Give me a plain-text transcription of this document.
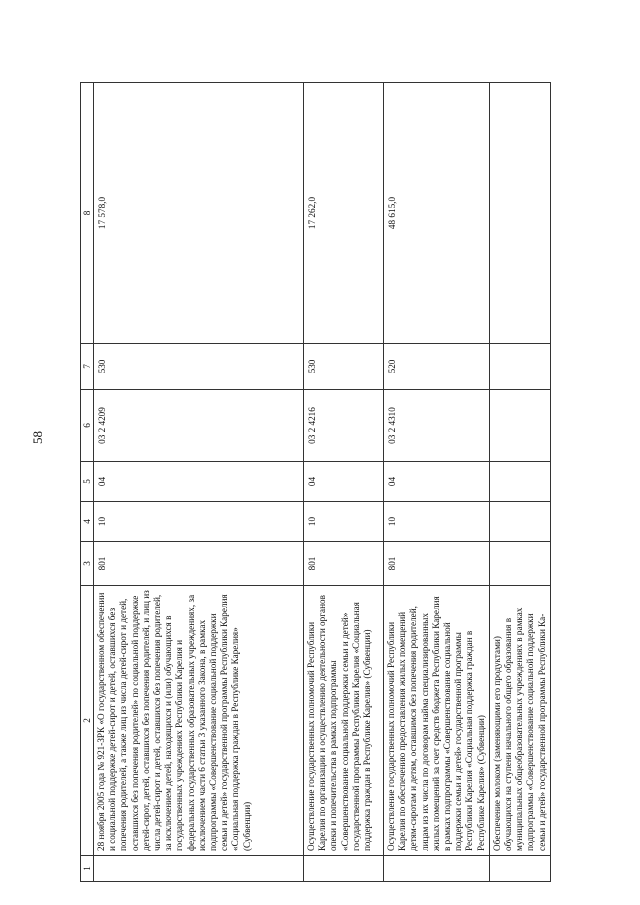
58
1	2	3	4	5	6	7	8
	28 ноября 2005 года № 921-ЗРК «О государственном обеспечении и социальной поддержке детей-сирот и детей, оставшихся без попечения родителей, а также лиц из числа детей-сирот и детей, оставшихся без попечения родителей» по социальной поддержке детей-сирот, детей, оставшихся без попечения родителей, и лиц из числа детей-сирот и детей, оставшихся без попечения родителей, за исключением детей, находящихся и (или) обучающихся в государственных учреждениях Республики Карелия и федеральных государственных образовательных учреждениях, за исключением части 6 статьи 3 указанного Закона, в рамках подпрограммы «Совершенствование социальной поддержки семьи и детей» государственной программы Республики Карелия «Социальная поддержка граждан в Республике Карелия» (Субвенции)	801	10	04	03 2 4209	530	17 578,0
	Осуществление государственных полномочий Республики Карелия по организации и осуществлению деятельности органов опеки и попечительства в рамках подпрограммы «Совершенствование социальной поддержки семьи и детей» государственной программы Республики Карелия «Социальная поддержка граждан в Республике Карелия» (Субвенции)	801	10	04	03 2 4216	530	17 262,0
	Осуществление государственных полномочий Республики Карелия по обеспечению предоставления жилых помещений детям-сиротам и детям, оставшимся без попечения родителей, лицам из их числа по договорам найма специализированных жилых помещений за счет средств бюджета Республики Карелия в рамках подпрограммы «Совершенствование социальной поддержки семьи и детей» государственной программы Республики Карелия «Социальная поддержка граждан в Республике Карелия» (Субвенции)	801	10	04	03 2 4310	520	48 615,0
	Обеспечение молоком (заменяющими его продуктами) обучающихся на ступени начального общего образования в муниципальных общеобразовательных учреждениях в рамках подпрограммы «Совершенствование социальной поддержки семьи и детей» государственной программы Республики Ка-						
